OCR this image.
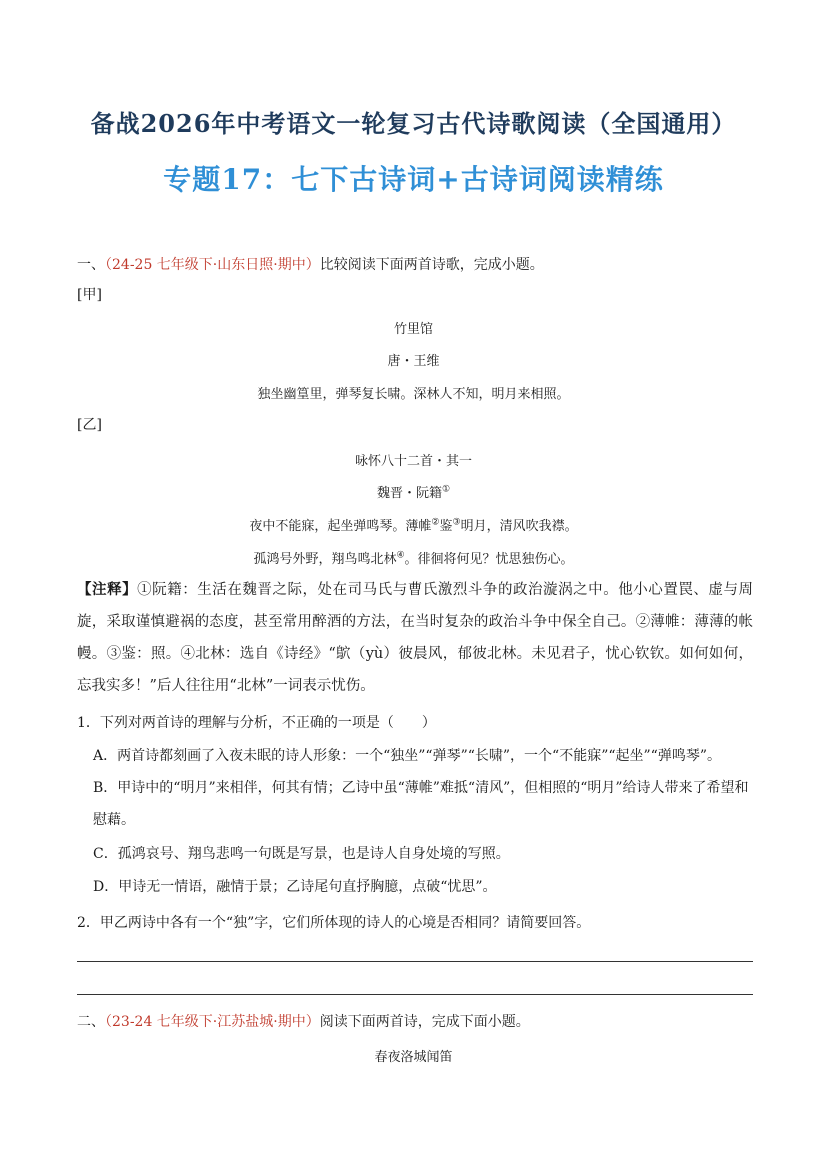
备战2026年中考语文一轮复习古代诗歌阅读（全国通用）
专题17：七下古诗词+古诗词阅读精练
一、（24-25 七年级下·山东日照·期中）比较阅读下面两首诗歌，完成小题。
[甲]
竹里馆
唐・王维
独坐幽篁里，弹琴复长啸。深林人不知，明月来相照。
[乙]
咏怀八十二首・其一
魏晋・阮籍①
夜中不能寐，起坐弹鸣琴。薄帷②鉴③明月，清风吹我襟。
孤鸿号外野，翔鸟鸣北林④。徘徊将何见？忧思独伤心。
【注释】①阮籍：生活在魏晋之际，处在司马氏与曹氏激烈斗争的政治漩涡之中。他小心置罠、虚与周旋，采取谨慎避祸的态度，甚至常用醉酒的方法，在当时复杂的政治斗争中保全自己。②薄帷：薄薄的帐幔。③鉴：照。④北林：选自《诗经》“鴥（yù）彼晨风，郁彼北林。未见君子，忧心钦钦。如何如何，忘我实多！”后人往往用“北林”一词表示忧伤。
1．下列对两首诗的理解与分析，不正确的一项是（　　）
A．两首诗都刻画了入夜未眠的诗人形象：一个“独坐”“弹琴”“长啸”，一个“不能寐”“起坐”“弹鸣琴”。
B．甲诗中的“明月”来相伴，何其有情；乙诗中虽“薄帷”难抵“清风”，但相照的“明月”给诗人带来了希望和慰藉。
C．孤鸿哀号、翔鸟悲鸣一句既是写景，也是诗人自身处境的写照。
D．甲诗无一情语，融情于景；乙诗尾句直抒胸臆，点破“忧思”。
2．甲乙两诗中各有一个“独”字，它们所体现的诗人的心境是否相同？请简要回答。
二、（23-24 七年级下·江苏盐城·期中）阅读下面两首诗，完成下面小题。
春夜洛城闻笛
